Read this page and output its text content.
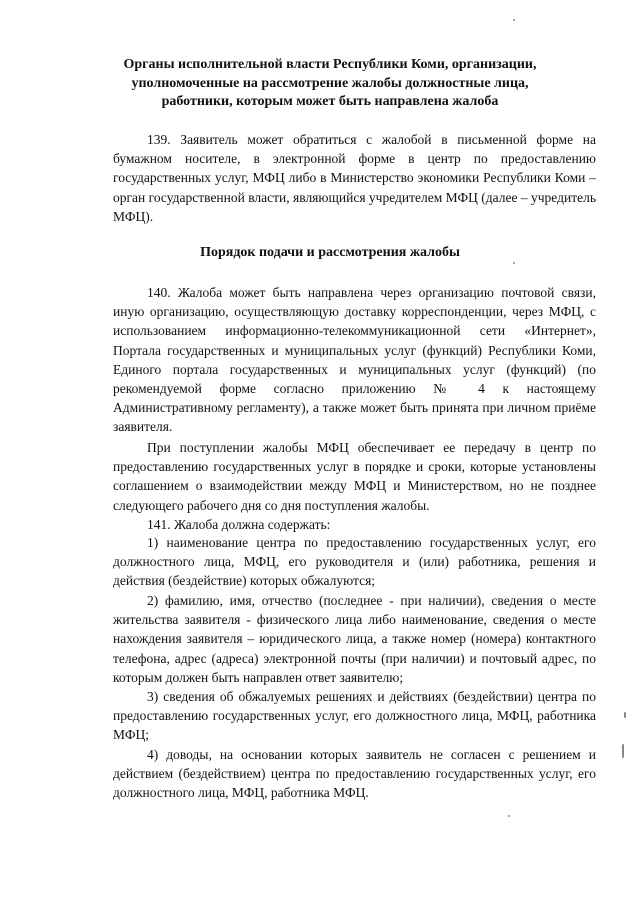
Органы исполнительной власти Республики Коми, организации, уполномоченные на рассмотрение жалобы должностные лица, работники, которым может быть направлена жалоба

139. Заявитель может обратиться с жалобой в письменной форме на бумажном носителе, в электронной форме в центр по предоставлению государственных услуг, МФЦ либо в Министерство экономики Республики Коми – орган государственной власти, являющийся учредителем МФЦ (далее – учредитель МФЦ).

Порядок подачи и рассмотрения жалобы

140. Жалоба может быть направлена через организацию почтовой связи, иную организацию, осуществляющую доставку корреспонденции, через МФЦ, с использованием информационно-телекоммуникационной сети «Интернет», Портала государственных и муниципальных услуг (функций) Республики Коми, Единого портала государственных и муниципальных услуг (функций) (по рекомендуемой форме согласно приложению № 4 к настоящему Административному регламенту), а также может быть принята при личном приёме заявителя.

При поступлении жалобы МФЦ обеспечивает ее передачу в центр по предоставлению государственных услуг в порядке и сроки, которые установлены соглашением о взаимодействии между МФЦ и Министерством, но не позднее следующего рабочего дня со дня поступления жалобы.

141. Жалоба должна содержать:

1) наименование центра по предоставлению государственных услуг, его должностного лица, МФЦ, его руководителя и (или) работника, решения и действия (бездействие) которых обжалуются;

2) фамилию, имя, отчество (последнее - при наличии), сведения о месте жительства заявителя - физического лица либо наименование, сведения о месте нахождения заявителя – юридического лица, а также номер (номера) контактного телефона, адрес (адреса) электронной почты (при наличии) и почтовый адрес, по которым должен быть направлен ответ заявителю;

3) сведения об обжалуемых решениях и действиях (бездействии) центра по предоставлению государственных услуг, его должностного лица, МФЦ, работника МФЦ;

4) доводы, на основании которых заявитель не согласен с решением и действием (бездействием) центра по предоставлению государственных услуг, его должностного лица, МФЦ, работника МФЦ.
